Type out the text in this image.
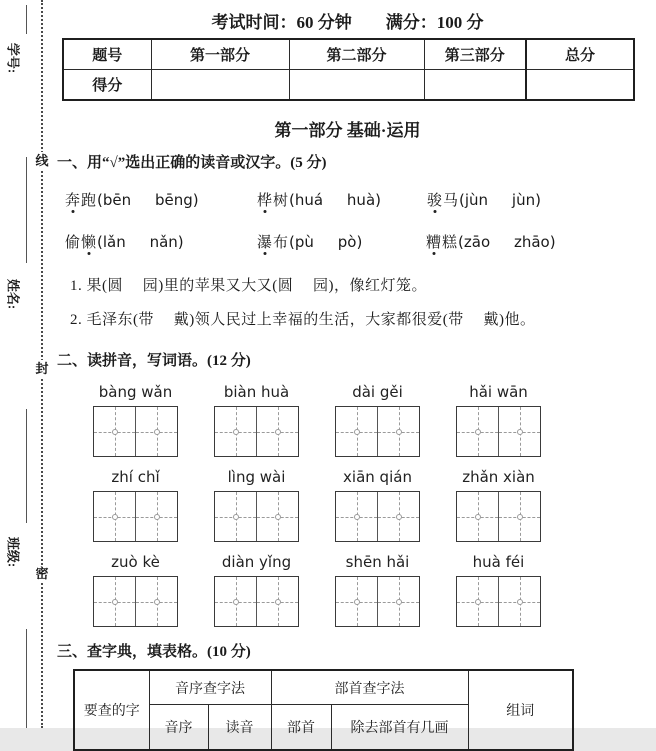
学号:
姓名:
班级:
线
封
密
考试时间：60 分钟　　满分：100 分
题号	第一部分	第二部分	第三部分	总分
得分				
第一部分 基础·运用
一、用“√”选出正确的读音或汉字。(5 分)
奔跑(bēn     bēng)	桦树(huá     huà)	骏马(jùn     jùn)
偷懒(lǎn     nǎn)	瀑布(pù     pò)	糟糕(zāo     zhāo)
1. 果(圆　 园)里的苹果又大又(圆　 园)，像红灯笼。
2. 毛泽东(带　 戴)领人民过上幸福的生活，大家都很爱(带　 戴)他。
二、读拼音，写词语。(12 分)
bàng wǎn	biàn huà	dài gěi	hǎi wān
zhí chǐ	lìng wài	xiān qián	zhǎn xiàn
zuò kè	diàn yǐng	shēn hǎi	huà féi
三、查字典，填表格。(10 分)
要查的字	音序查字法		部首查字法		组词
	音序	读音	部首	除去部首有几画	
